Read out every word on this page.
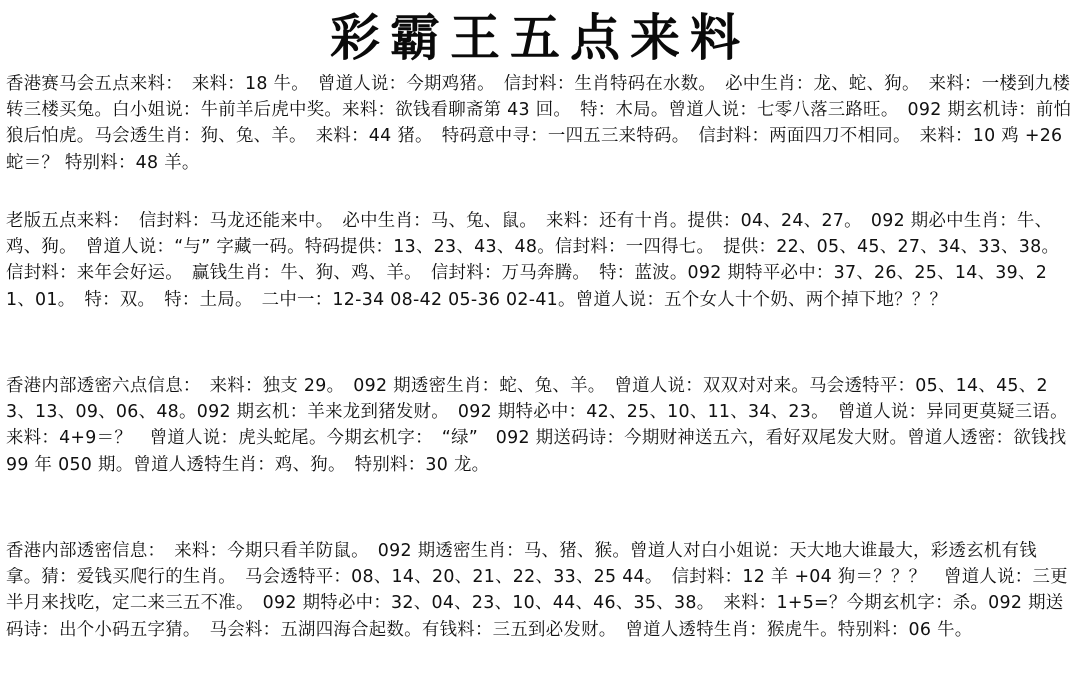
彩霸王五点来料
香港赛马会五点来料：　来料：18 牛。　曾道人说：今期鸡猪。　信封料：生肖特码在水数。　必中生肖：龙、蛇、狗。　来料：一楼到九楼转三楼买兔。白小姐说：牛前羊后虎中奖。来料：欲钱看聊斋第 43 回。　特：木局。曾道人说：七零八落三路旺。　092 期玄机诗：前怕狼后怕虎。马会透生肖：狗、兔、羊。　来料：44 猪。　特码意中寻：一四五三来特码。　信封料：两面四刀不相同。　来料：10 鸡 +26 蛇＝？ 特别料：48 羊。
老版五点来料：　信封料：马龙还能来中。　必中生肖：马、兔、鼠。　来料：还有十肖。提供：04、24、27。　092 期必中生肖：牛、鸡、狗。　曾道人说：“与” 字藏一码。特码提供：13、23、43、48。信封料：一四得七。　提供：22、05、45、27、34、33、38。　信封料：来年会好运。　赢钱生肖：牛、狗、鸡、羊。　信封料：万马奔腾。　特：蓝波。092 期特平必中：37、26、25、14、39、21、01。　特：双。　特：土局。　二中一：12-34 08-42 05-36 02-41。曾道人说：五个女人十个奶、两个掉下地？？？
香港内部透密六点信息：　来料：独支 29。　092 期透密生肖：蛇、兔、羊。　曾道人说：双双对对来。马会透特平：05、14、45、23、13、09、06、48。092 期玄机：羊来龙到猪发财。　092 期特必中：42、25、10、11、34、23。　曾道人说：异同更莫疑三语。　来料：4+9＝？　曾道人说：虎头蛇尾。今期玄机字：　“绿”　092 期送码诗：今期财神送五六，看好双尾发大财。曾道人透密：欲钱找 99 年 050 期。曾道人透特生肖：鸡、狗。　特别料：30 龙。
香港内部透密信息：　来料：今期只看羊防鼠。　092 期透密生肖：马、猪、猴。曾道人对白小姐说：天大地大谁最大，彩透玄机有钱拿。猜：爱钱买爬行的生肖。　马会透特平：08、14、20、21、22、33、25 44。　信封料：12 羊 +04 狗＝？？？　曾道人说：三更半月来找吃，定二来三五不准。　092 期特必中：32、04、23、10、44、46、35、38。　来料：1+5=？今期玄机字：杀。092 期送码诗：出个小码五字猜。　马会料：五湖四海合起数。有钱料：三五到必发财。　曾道人透特生肖：猴虎牛。特别料：06 牛。
